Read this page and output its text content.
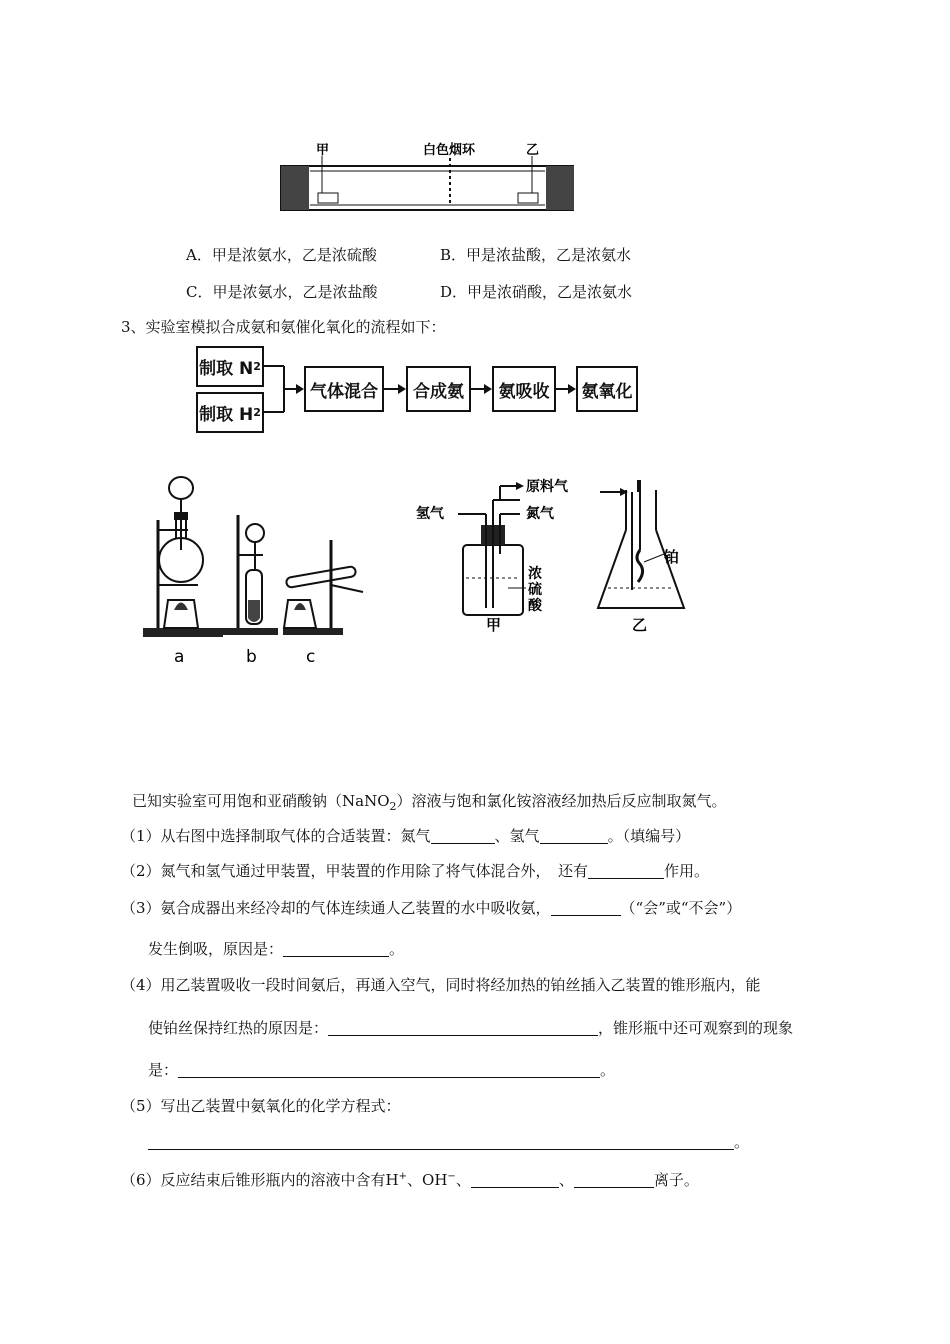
甲	白色烟环	乙
A．甲是浓氨水，乙是浓硫酸	B．甲是浓盐酸，乙是浓氨水
C．甲是浓氨水，乙是浓盐酸	D．甲是浓硝酸，乙是浓氨水
3、实验室模拟合成氨和氨催化氧化的流程如下：
制取 N 2
制取 H 2
气体混合	合成氨	氨吸收	氨氧化
a	b	c
原料气
氢气	氮气
浓
硫
酸
甲
铂
乙
已知实验室可用饱和亚硝酸钠（NaNO$_2$）溶液与饱和氯化铵溶液经加热后反应制取氮气。
（1）从右图中选择制取气体的合适装置：氮气	、氢气	。（填编号）
（2）氮气和氢气通过甲装置，甲装置的作用除了将气体混合外，　还有	作用。
（3）氨合成器出来经冷却的气体连续通人乙装置的水中吸收氨，	（“会”或“不会”）
发生倒吸，原因是：	。
（4）用乙装置吸收一段时间氨后，再通入空气，同时将经加热的铂丝插入乙装置的锥形瓶内，能
使铂丝保持红热的原因是：	，锥形瓶中还可观察到的现象
是：	。
（5）写出乙装置中氨氧化的化学方程式：
。
（6）反应结束后锥形瓶内的溶液中含有H+、OH−、	、	离子。
